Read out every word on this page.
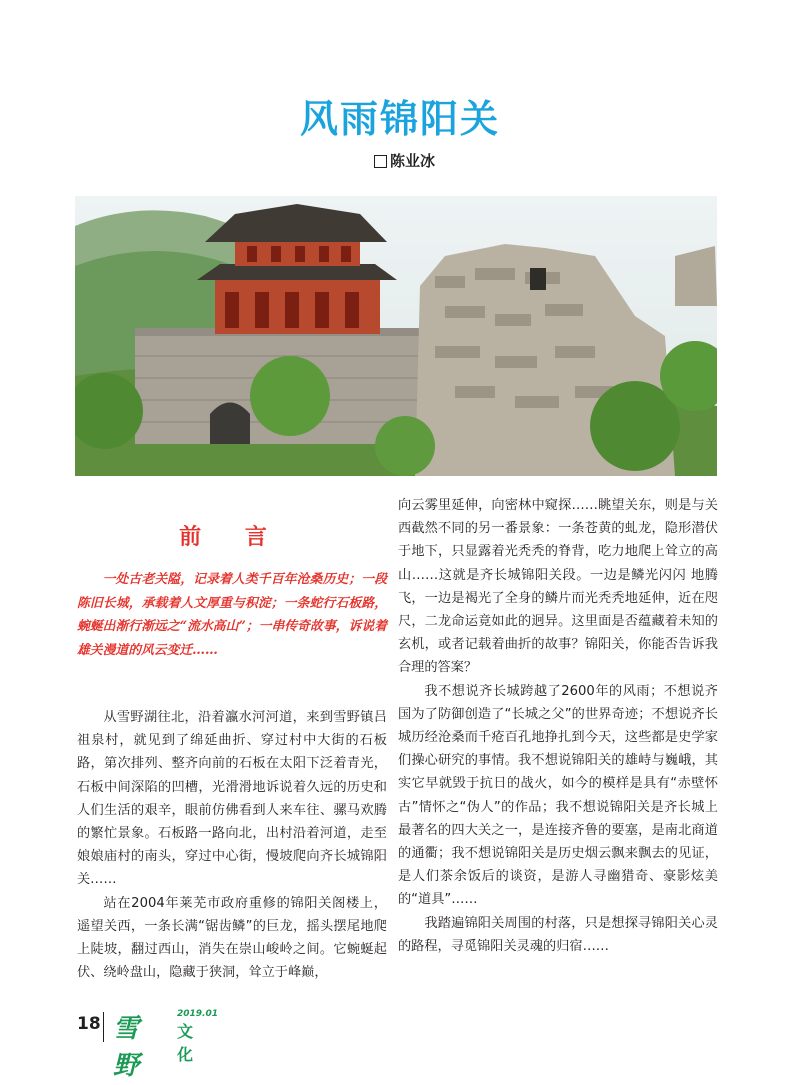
风雨锦阳关
陈业冰
前 言

一处古老关隘，记录着人类千百年沧桑历史；一段陈旧长城，承载着人文厚重与积淀；一条蛇行石板路，蜿蜒出渐行渐远之“流水高山”；一串传奇故事，诉说着雄关漫道的风云变迁……

从雪野湖往北，沿着瀛水河河道，来到雪野镇吕祖泉村，就见到了绵延曲折、穿过村中大街的石板路，第次排列、整齐向前的石板在太阳下泛着青光，石板中间深陷的凹槽，光滑滑地诉说着久远的历史和人们生活的艰辛，眼前仿佛看到人来车往、骡马欢腾的繁忙景象。石板路一路向北，出村沿着河道，走至娘娘庙村的南头，穿过中心街，慢坡爬向齐长城锦阳关……

站在2004年莱芜市政府重修的锦阳关阁楼上，遥望关西，一条长满“锯齿鳞”的巨龙，摇头摆尾地爬上陡坡，翻过西山，消失在崇山峻岭之间。它蜿蜒起伏、绕岭盘山，隐藏于狭洞，耸立于峰巅，

向云雾里延伸，向密林中窥探……眺望关东，则是与关西截然不同的另一番景象：一条苍黄的虬龙，隐形潜伏于地下，只显露着光秃秃的脊背，吃力地爬上耸立的高山……这就是齐长城锦阳关段。一边是鳞光闪闪 地腾飞，一边是褐光了全身的鳞片而光秃秃地延伸，近在咫尺，二龙命运竟如此的迥异。这里面是否蕴藏着未知的玄机，或者记载着曲折的故事？锦阳关，你能否告诉我合理的答案？

我不想说齐长城跨越了2600年的风雨；不想说齐国为了防御创造了“长城之父”的世界奇迹；不想说齐长城历经沧桑而千疮百孔地挣扎到今天，这些都是史学家们操心研究的事情。我不想说锦阳关的雄峙与巍峨，其实它早就毁于抗日的战火，如今的模样是具有“赤壁怀古”情怀之“伪人”的作品；我不想说锦阳关是齐长城上最著名的四大关之一，是连接齐鲁的要塞，是南北商道的通衢；我不想说锦阳关是历史烟云飘来飘去的见证，是人们茶余饭后的谈资，是游人寻幽猎奇、豪影炫美的“道具”……

我踏遍锦阳关周围的村落，只是想探寻锦阳关心灵的路程，寻觅锦阳关灵魂的归宿……

18 雪野
2019.01
文化
